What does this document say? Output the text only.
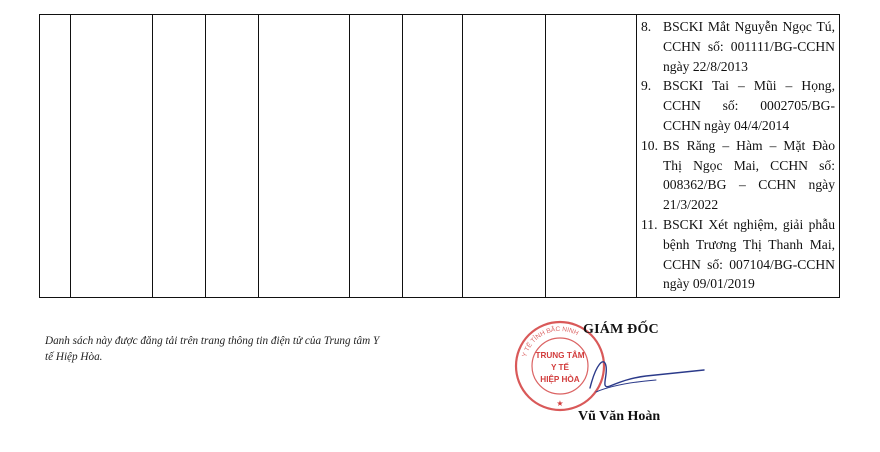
8. BSCKI Mắt Nguyễn Ngọc Tú, CCHN số: 001111/BG-CCHN ngày 22/8/2013
9. BSCKI Tai – Mũi – Họng, CCHN số: 0002705/BG-CCHN ngày 04/4/2014
10. BS Răng – Hàm – Mặt Đào Thị Ngọc Mai, CCHN số: 008362/BG – CCHN ngày 21/3/2022
11. BSCKI Xét nghiệm, giải phẫu bệnh Trương Thị Thanh Mai, CCHN số: 007104/BG-CCHN ngày 09/01/2019
Danh sách này được đăng tải trên trang thông tin điện tử của Trung tâm Y tế Hiệp Hòa.	Y TẾ TỈNH BẮC NINH
TRUNG TÂM
Y TẾ
HIỆP HÒA
★
GIÁM ĐỐC
Vũ Văn Hoàn
